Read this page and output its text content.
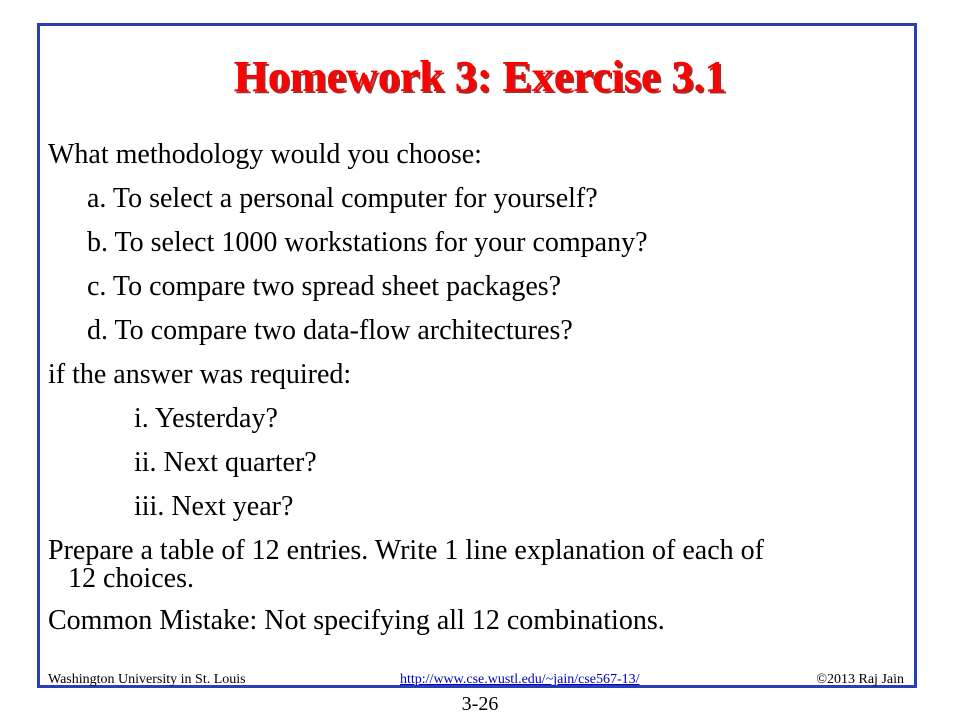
Homework 3: Exercise 3.1
What methodology would you choose:
a. To select a personal computer for yourself?
b. To select 1000 workstations for your company?
c. To compare two spread sheet packages?
d. To compare two data-flow architectures?
if the answer was required:
i. Yesterday?
ii. Next quarter?
iii. Next year?
Prepare a table of 12 entries. Write 1 line explanation of each of
12 choices.
Common Mistake: Not specifying all 12 combinations.
Washington University in St. Louis	http://www.cse.wustl.edu/~jain/cse567-13/	©2013 Raj Jain
3-26
